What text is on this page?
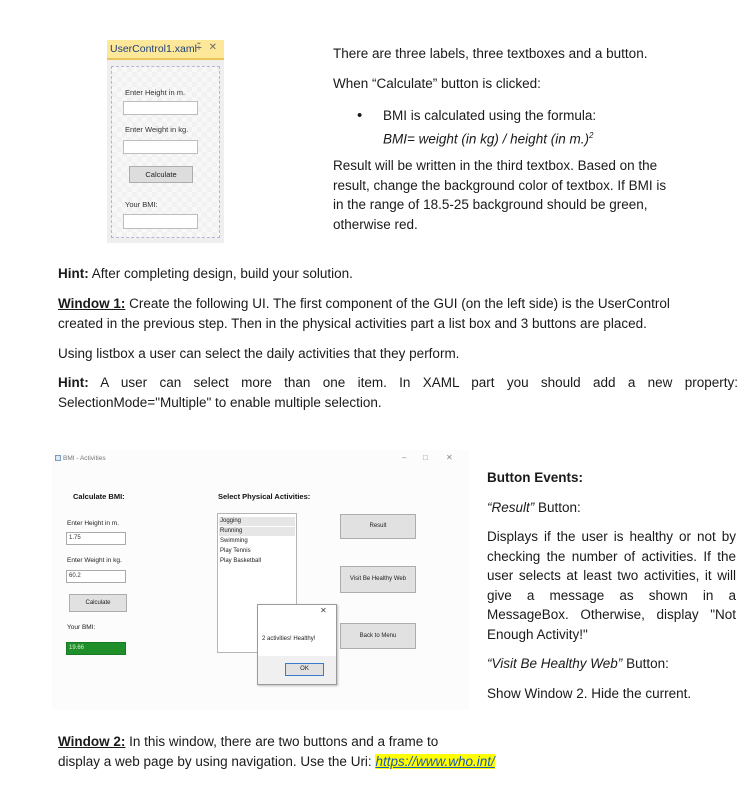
UserControl1.xaml ⨤ ✕
Enter Height in m.
Enter Weight in kg.
Calculate
Your BMI:
There are three labels, three textboxes and a button.
When “Calculate” button is clicked:
• BMI is calculated using the formula:
BMI= weight (in kg) / height (in m.)$^2$
Result will be written in the third textbox. Based on the
result, change the background color of textbox. If BMI is
in the range of 18.5-25 background should be green,
otherwise red.
Hint: After completing design, build your solution.
Window 1: Create the following UI. The first component of the GUI (on the left side) is the UserControl
created in the previous step. Then in the physical activities part a list box and 3 buttons are placed.
Using listbox a user can select the daily activities that they perform.
Hint: A user can select more than one item. In XAML part you should add a new property:
SelectionMode="Multiple" to enable multiple selection.
BMI - Activities	– □ ✕
Calculate BMI:
Enter Height in m.
1.75
Enter Weight in kg.
60.2
Calculate
Your BMI:
19.66
Select Physical Activities:
Jogging
Running
Swimming
Play Tennis
Play Basketball
Result
Visit Be Healthy Web
Back to Menu
✕
2 activities! Healthy!
OK
Button Events:
“Result” Button:
Displays if the user is healthy or not by
checking the number of activities. If the
user selects at least two activities, it will
give a message as shown in a
MessageBox. Otherwise, display "Not
Enough Activity!"
“Visit Be Healthy Web” Button:
Show Window 2. Hide the current.
Window 2: In this window, there are two buttons and a frame to
display a web page by using navigation. Use the Uri: https://www.who.int/
